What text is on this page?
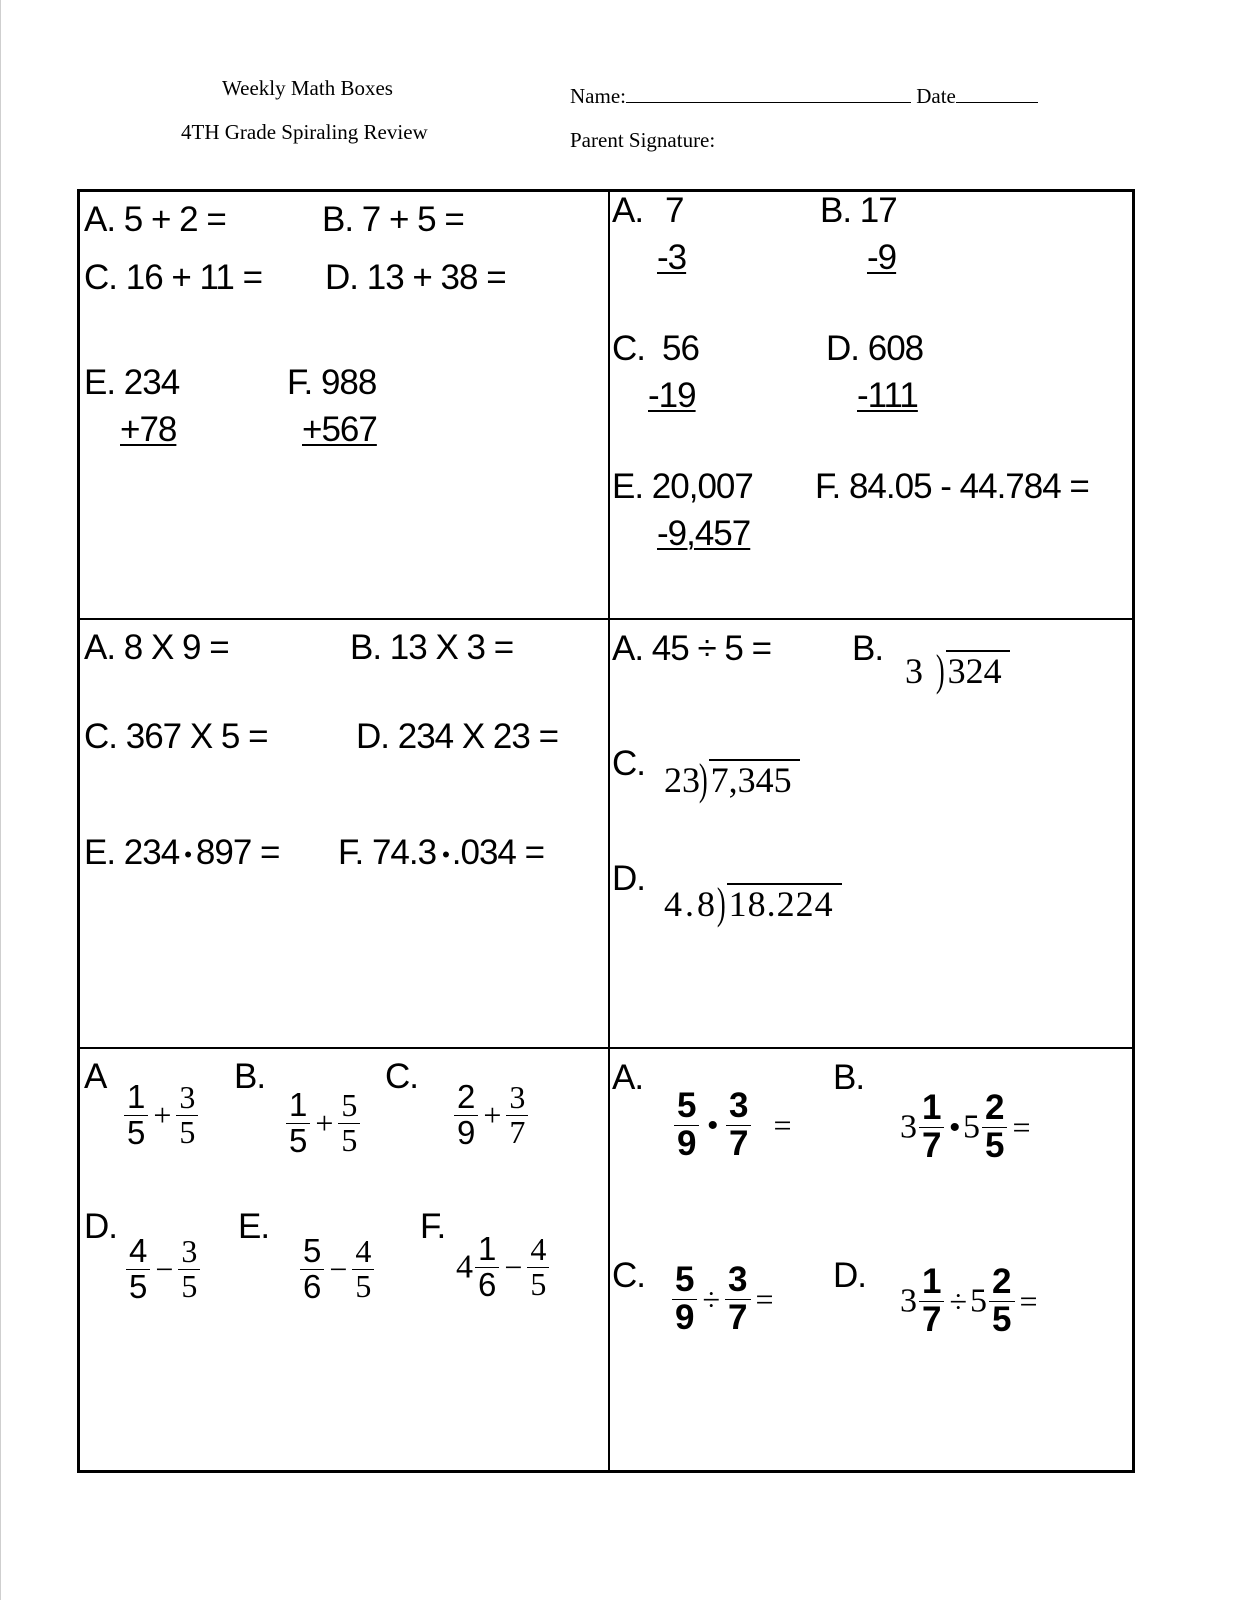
Weekly Math Boxes
4TH Grade Spiraling Review
Name:	Date
Parent Signature:
A. 5 + 2 =	B. 7 + 5 =
C. 16 + 11 = D. 13 + 38 =
E. 234
+78
F. 988
+567
A. 7
-3
B. 17
-9
C. 56
-19
D. 608
-111
E. 20,007
-9,457
F. 84.05 - 44.784 =
A. 8 X 9 =	B. 13 X 3 =
C. 367 X 5 =	D. 234 X 23 =
E. 234 • 897 = F. 74.3 •.034 =
A. 45 ÷ 5 = B.
3 ) 324
C. 23
) 7,345
D.
4.8
) 18.224
A
$\frac{1}{5} + \frac{3}{5}$
B.
$\frac{1}{5} + \frac{5}{5}$
C.
$\frac{2}{9} + \frac{3}{7}$
D.
$\frac{4}{5} - \frac{3}{5}$
E.
$\frac{5}{6} - \frac{4}{5}$
F.
$4 \frac{1}{6} - \frac{4}{5}$
A.
$\frac{5}{9}$ • $\frac{3}{7}$ =
B.
$3 \frac{1}{7}$ •5 $\frac{2}{5}$ =
C. $\frac{5}{9} \div \frac{3}{7}$ =
D.
$3 \frac{1}{7} \div 5 \frac{2}{5}$ =
